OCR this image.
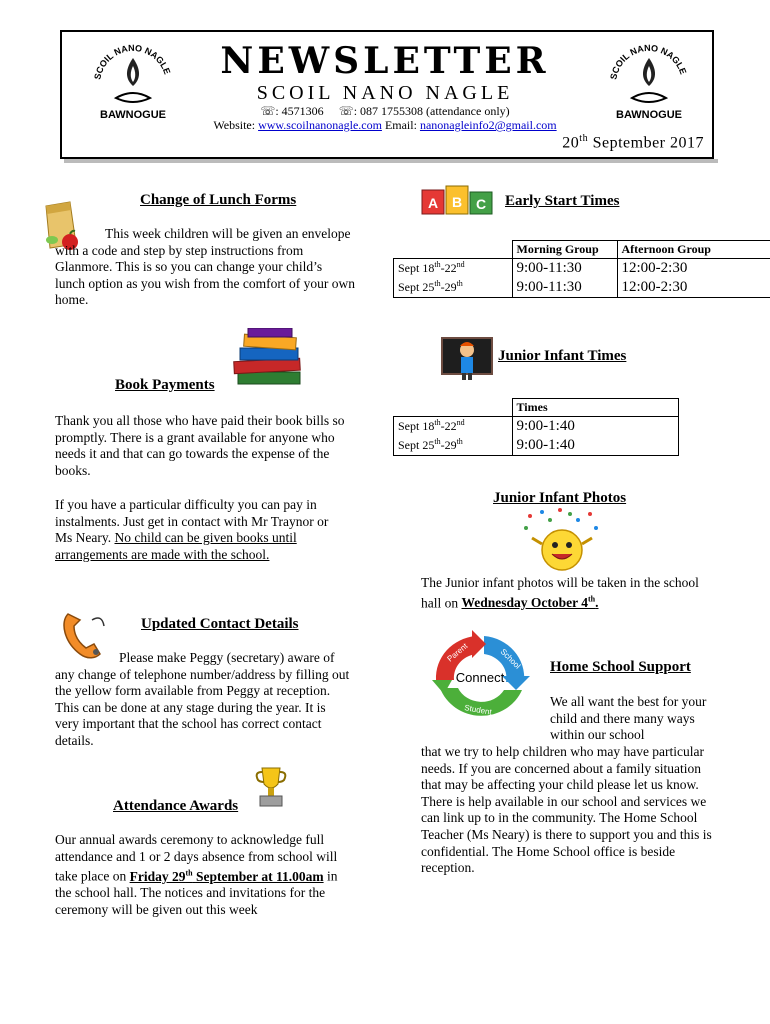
SCOIL NANO NAGLE
BAWNOGUE
SCOIL NANO NAGLE
BAWNOGUE
NEWSLETTER
SCOIL NANO NAGLE
☏: 4571306 ☏: 087 1755308 (attendance only)
Website: www.scoilnanonagle.com Email: nanonagleinfo2@gmail.com
20th September 2017
Change of Lunch Forms
This week children will be given an envelope with a code and step by step instructions from Glanmore. This is so you can change your child’s lunch option as you wish from the comfort of your own home.
Book Payments
Thank you all those who have paid their book bills so promptly. There is a grant available for anyone who needs it and that can go towards the expense of the books.
If you have a particular difficulty you can pay in instalments. Just get in contact with Mr Traynor or Ms Neary. No child can be given books until arrangements are made with the school.
Updated Contact Details
Please make Peggy (secretary) aware of any change of telephone number/address by filling out the yellow form available from Peggy at reception. This can be done at any stage during the year. It is very important that the school has correct contact details.
Attendance Awards
Our annual awards ceremony to acknowledge full attendance and 1 or 2 days absence from school will take place on Friday 29th September at 11.00am in the school hall. The notices and invitations for the ceremony will be given out this week
A B C Early Start Times
	Morning Group	Afternoon Group
Sept 18th-22nd	9:00-11:30	12:00-2:30
Sept 25th-29th	9:00-11:30	12:00-2:30
Junior Infant Times
	Times
Sept 18th-22nd	9:00-1:40
Sept 25th-29th	9:00-1:40
Junior Infant Photos
The Junior infant photos will be taken in the school hall on Wednesday October 4th.
Connect
Parent	School
Student
Home School Support
We all want the best for your child and there many ways within our school
that we try to help children who may have particular needs. If you are concerned about a family situation that may be affecting your child please let us know. There is help available in our school and services we can link up to in the community. The Home School Teacher (Ms Neary) is there to support you and this is confidential. The Home School office is beside reception.
